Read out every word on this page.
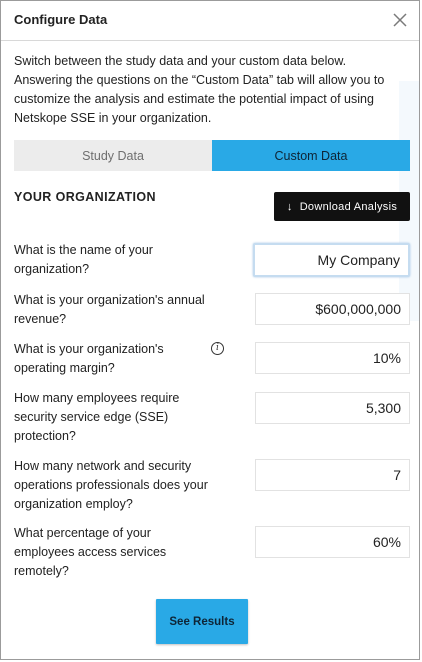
Configure Data
Switch between the study data and your custom data below. Answering the questions on the “Custom Data” tab will allow you to customize the analysis and estimate the potential impact of using Netskope SSE in your organization.
Study Data	Custom Data
YOUR ORGANIZATION
↓ Download Analysis
What is the name of your organization?
My Company
What is your organization's annual revenue?
$600,000,000
What is your organization's operating margin?
i
10%
How many employees require security service edge (SSE) protection?
5,300
How many network and security operations professionals does your organization employ?
7
What percentage of your employees access services remotely?
60%
See Results
